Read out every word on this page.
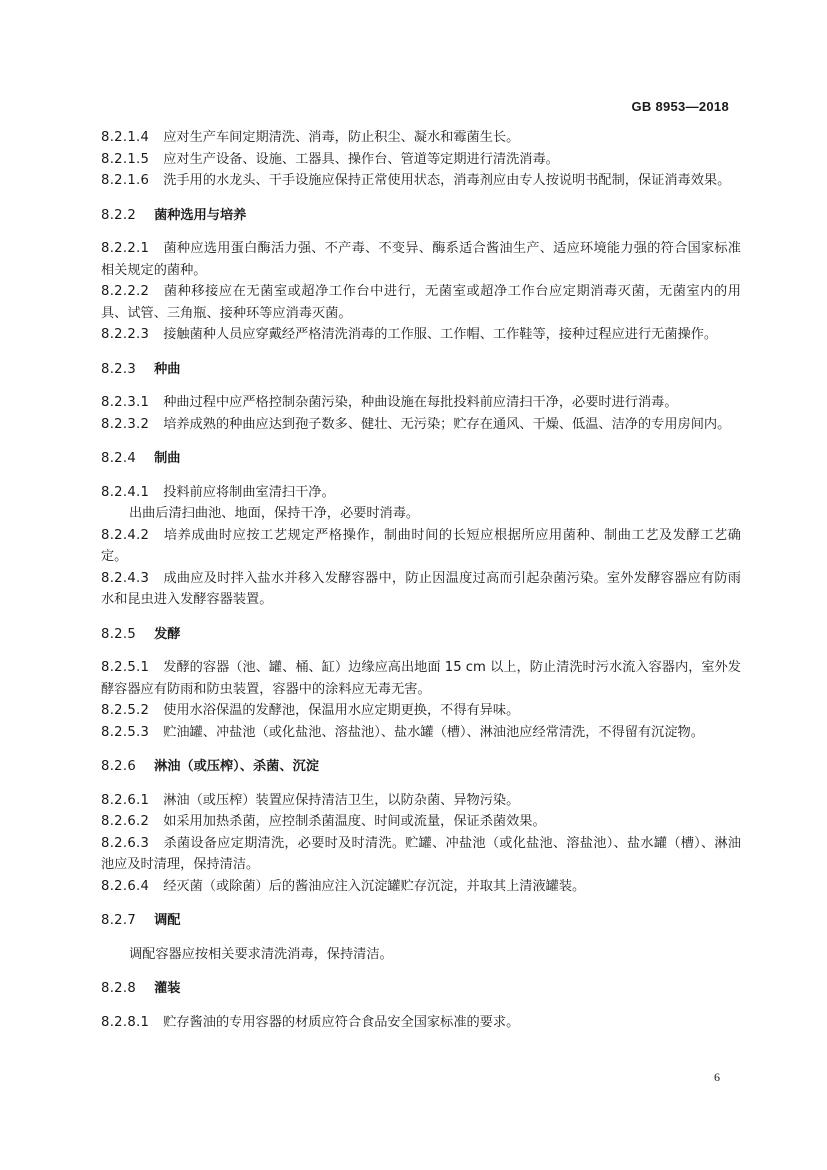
GB 8953—2018

8.2.1.4 应对生产车间定期清洗、消毒，防止积尘、凝水和霉菌生长。

8.2.1.5 应对生产设备、设施、工器具、操作台、管道等定期进行清洗消毒。

8.2.1.6 洗手用的水龙头、干手设施应保持正常使用状态，消毒剂应由专人按说明书配制，保证消毒效果。

8.2.2 菌种选用与培养

8.2.2.1 菌种应选用蛋白酶活力强、不产毒、不变异、酶系适合酱油生产、适应环境能力强的符合国家标准相关规定的菌种。

8.2.2.2 菌种移接应在无菌室或超净工作台中进行，无菌室或超净工作台应定期消毒灭菌，无菌室内的用具、试管、三角瓶、接种环等应消毒灭菌。

8.2.2.3 接触菌种人员应穿戴经严格清洗消毒的工作服、工作帽、工作鞋等，接种过程应进行无菌操作。

8.2.3 种曲

8.2.3.1 种曲过程中应严格控制杂菌污染，种曲设施在每批投料前应清扫干净，必要时进行消毒。

8.2.3.2 培养成熟的种曲应达到孢子数多、健壮、无污染；贮存在通风、干燥、低温、洁净的专用房间内。

8.2.4 制曲

8.2.4.1 投料前应将制曲室清扫干净。

出曲后清扫曲池、地面，保持干净，必要时消毒。

8.2.4.2 培养成曲时应按工艺规定严格操作，制曲时间的长短应根据所应用菌种、制曲工艺及发酵工艺确定。

8.2.4.3 成曲应及时拌入盐水并移入发酵容器中，防止因温度过高而引起杂菌污染。室外发酵容器应有防雨水和昆虫进入发酵容器装置。

8.2.5 发酵

8.2.5.1 发酵的容器（池、罐、桶、缸）边缘应高出地面 15 cm 以上，防止清洗时污水流入容器内，室外发酵容器应有防雨和防虫装置，容器中的涂料应无毒无害。

8.2.5.2 使用水浴保温的发酵池，保温用水应定期更换，不得有异味。

8.2.5.3 贮油罐、冲盐池（或化盐池、溶盐池）、盐水罐（槽）、淋油池应经常清洗，不得留有沉淀物。

8.2.6 淋油（或压榨）、杀菌、沉淀

8.2.6.1 淋油（或压榨）装置应保持清洁卫生，以防杂菌、异物污染。

8.2.6.2 如采用加热杀菌，应控制杀菌温度、时间或流量，保证杀菌效果。

8.2.6.3 杀菌设备应定期清洗，必要时及时清洗。贮罐、冲盐池（或化盐池、溶盐池）、盐水罐（槽）、淋油池应及时清理，保持清洁。

8.2.6.4 经灭菌（或除菌）后的酱油应注入沉淀罐贮存沉淀，并取其上清液罐装。

8.2.7 调配

调配容器应按相关要求清洗消毒，保持清洁。

8.2.8 灌装

8.2.8.1 贮存酱油的专用容器的材质应符合食品安全国家标准的要求。

6
